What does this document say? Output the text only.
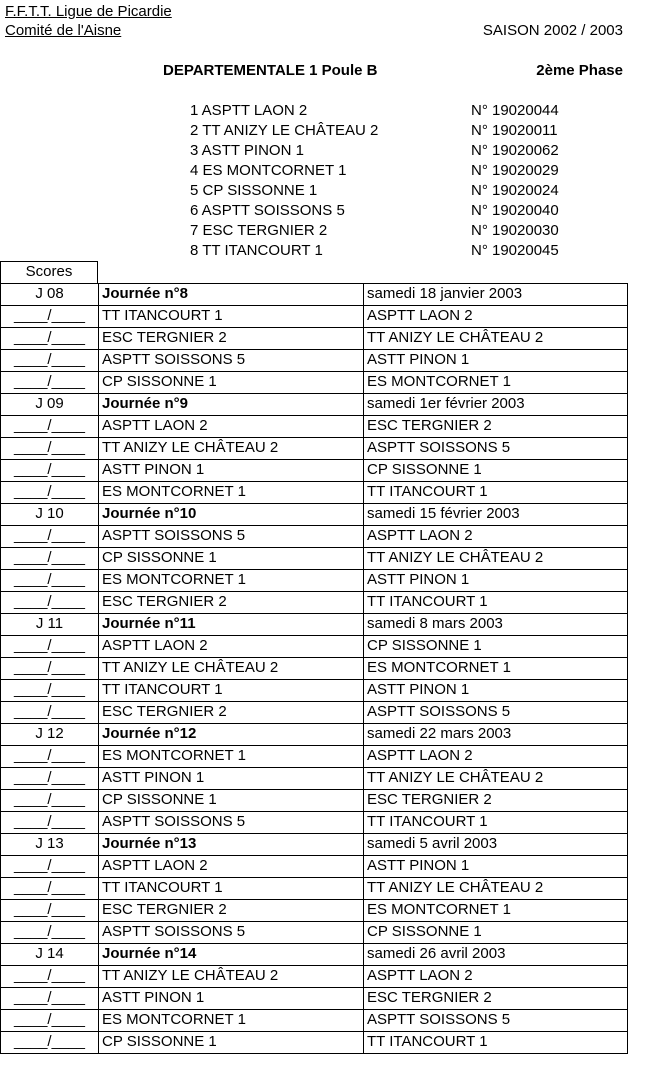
F.F.T.T. Ligue de Picardie
Comité de l'Aisne	SAISON 2002 / 2003
DEPARTEMENTALE 1 Poule B	2ème Phase
1 ASPTT LAON 2	N° 19020044
2 TT ANIZY LE CHÂTEAU 2	N° 19020011
3 ASTT PINON 1	N° 19020062
4 ES MONTCORNET 1	N° 19020029
5 CP SISSONNE 1	N° 19020024
6 ASPTT SOISSONS 5	N° 19020040
7 ESC TERGNIER 2	N° 19020030
8 TT ITANCOURT 1	N° 19020045
Scores
J 08	Journée n°8	samedi 18 janvier 2003
____/____	TT ITANCOURT 1	ASPTT LAON 2
____/____	ESC TERGNIER 2	TT ANIZY LE CHÂTEAU 2
____/____	ASPTT SOISSONS 5	ASTT PINON 1
____/____	CP SISSONNE 1	ES MONTCORNET 1
J 09	Journée n°9	samedi 1er février 2003
____/____	ASPTT LAON 2	ESC TERGNIER 2
____/____	TT ANIZY LE CHÂTEAU 2	ASPTT SOISSONS 5
____/____	ASTT PINON 1	CP SISSONNE 1
____/____	ES MONTCORNET 1	TT ITANCOURT 1
J 10	Journée n°10	samedi 15 février 2003
____/____	ASPTT SOISSONS 5	ASPTT LAON 2
____/____	CP SISSONNE 1	TT ANIZY LE CHÂTEAU 2
____/____	ES MONTCORNET 1	ASTT PINON 1
____/____	ESC TERGNIER 2	TT ITANCOURT 1
J 11	Journée n°11	samedi 8 mars 2003
____/____	ASPTT LAON 2	CP SISSONNE 1
____/____	TT ANIZY LE CHÂTEAU 2	ES MONTCORNET 1
____/____	TT ITANCOURT 1	ASTT PINON 1
____/____	ESC TERGNIER 2	ASPTT SOISSONS 5
J 12	Journée n°12	samedi 22 mars 2003
____/____	ES MONTCORNET 1	ASPTT LAON 2
____/____	ASTT PINON 1	TT ANIZY LE CHÂTEAU 2
____/____	CP SISSONNE 1	ESC TERGNIER 2
____/____	ASPTT SOISSONS 5	TT ITANCOURT 1
J 13	Journée n°13	samedi 5 avril 2003
____/____	ASPTT LAON 2	ASTT PINON 1
____/____	TT ITANCOURT 1	TT ANIZY LE CHÂTEAU 2
____/____	ESC TERGNIER 2	ES MONTCORNET 1
____/____	ASPTT SOISSONS 5	CP SISSONNE 1
J 14	Journée n°14	samedi 26 avril 2003
____/____	TT ANIZY LE CHÂTEAU 2	ASPTT LAON 2
____/____	ASTT PINON 1	ESC TERGNIER 2
____/____	ES MONTCORNET 1	ASPTT SOISSONS 5
____/____	CP SISSONNE 1	TT ITANCOURT 1
